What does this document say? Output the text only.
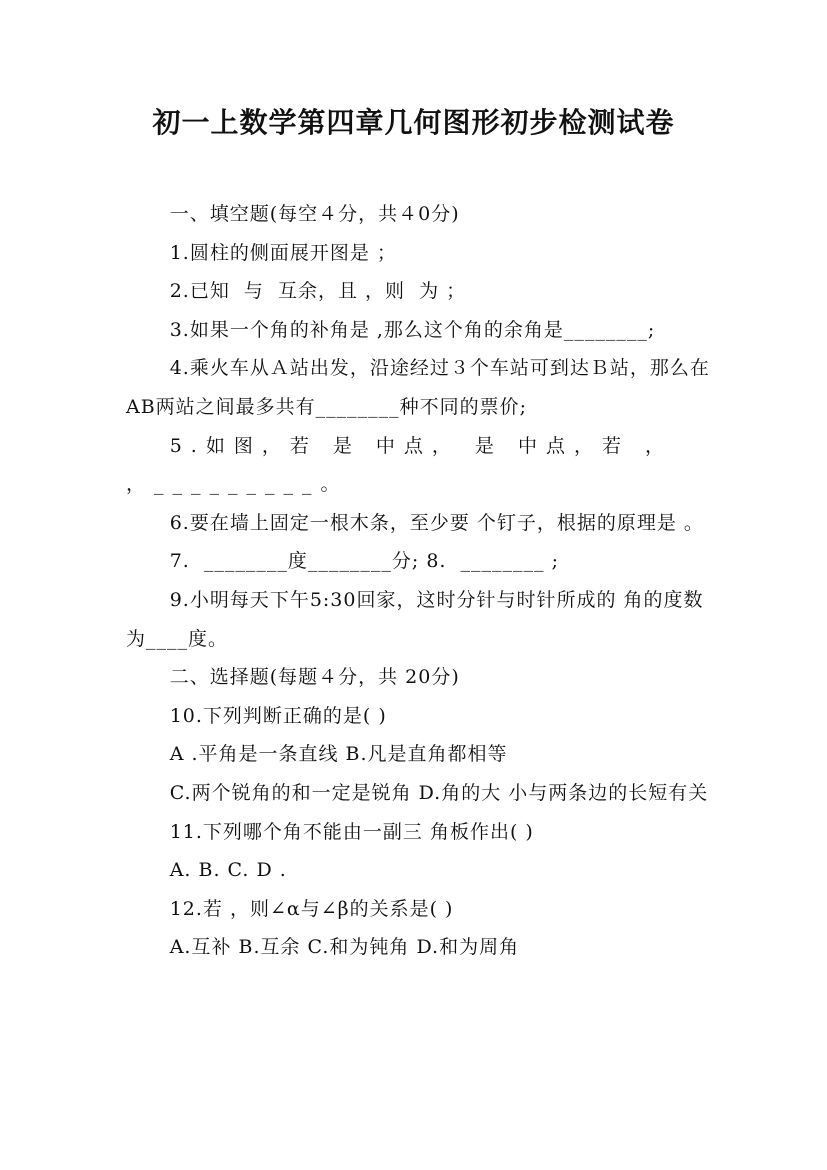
初一上数学第四章几何图形初步检测试卷

一、填空题(每空４分，共４0分)

1.圆柱的侧面展开图是 ；

2.已知  与  互余，且 ，则  为 ；

3.如果一个角的补角是 ,那么这个角的余角是________;

4.乘火车从Ａ站出发，沿途经过３个车站可到达Ｂ站，那么在AB两站之间最多共有________种不同的票价;

5.如图，若 是 中点， 是 中点，若 ， ，_________。

6.要在墙上固定一根木条，至少要 个钉子，根据的原理是 。

7.  ________度________分; 8.  ________ ;

9.小明每天下午5:30回家，这时分针与时针所成的 角的度数为____度。

二、选择题(每题４分，共 20分)

10.下列判断正确的是( )

A .平角是一条直线 B.凡是直角都相等

C.两个锐角的和一定是锐角 D.角的大 小与两条边的长短有关

11.下列哪个角不能由一副三 角板作出( )

A. B. C. D .

12.若 ，则∠α与∠β的关系是( )

A.互补 B.互余 C.和为钝角 D.和为周角
